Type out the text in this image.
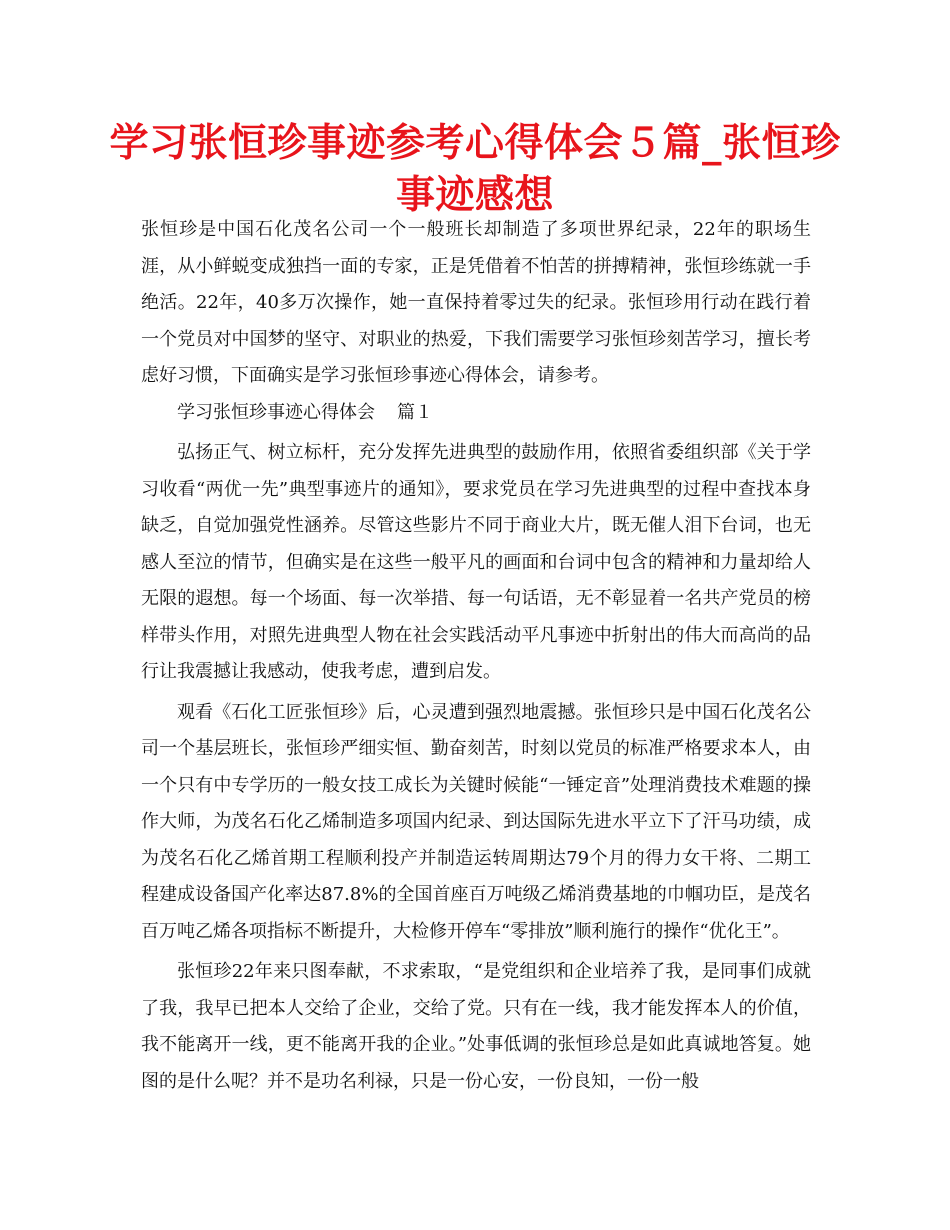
学习张恒珍事迹参考心得体会５篇_张恒珍事迹感想

张恒珍是中国石化茂名公司一个一般班长却制造了多项世界纪录，22年的职场生涯，从小鲜蜕变成独挡一面的专家，正是凭借着不怕苦的拼搏精神，张恒珍练就一手绝活。22年，40多万次操作，她一直保持着零过失的纪录。张恒珍用行动在践行着一个党员对中国梦的坚守、对职业的热爱，下我们需要学习张恒珍刻苦学习，擅长考虑好习惯，下面确实是学习张恒珍事迹心得体会，请参考。

学习张恒珍事迹心得体会 篇１

弘扬正气、树立标杆，充分发挥先进典型的鼓励作用，依照省委组织部《关于学习收看“两优一先”典型事迹片的通知》，要求党员在学习先进典型的过程中查找本身缺乏，自觉加强党性涵养。尽管这些影片不同于商业大片，既无催人泪下台词，也无感人至泣的情节，但确实是在这些一般平凡的画面和台词中包含的精神和力量却给人无限的遐想。每一个场面、每一次举措、每一句话语，无不彰显着一名共产党员的榜样带头作用，对照先进典型人物在社会实践活动平凡事迹中折射出的伟大而高尚的品行让我震撼让我感动，使我考虑，遭到启发。

观看《石化工匠张恒珍》后，心灵遭到强烈地震撼。张恒珍只是中国石化茂名公司一个基层班长，张恒珍严细实恒、勤奋刻苦，时刻以党员的标准严格要求本人，由一个只有中专学历的一般女技工成长为关键时候能“一锤定音”处理消费技术难题的操作大师，为茂名石化乙烯制造多项国内纪录、到达国际先进水平立下了汗马功绩，成为茂名石化乙烯首期工程顺利投产并制造运转周期达79个月的得力女干将、二期工程建成设备国产化率达87.8%的全国首座百万吨级乙烯消费基地的巾帼功臣，是茂名百万吨乙烯各项指标不断提升，大检修开停车“零排放”顺利施行的操作“优化王”。

张恒珍22年来只图奉献，不求索取，“是党组织和企业培养了我，是同事们成就了我，我早已把本人交给了企业，交给了党。只有在一线，我才能发挥本人的价值，我不能离开一线，更不能离开我的企业。”处事低调的张恒珍总是如此真诚地答复。她图的是什么呢？并不是功名利禄，只是一份心安，一份良知，一份一般
